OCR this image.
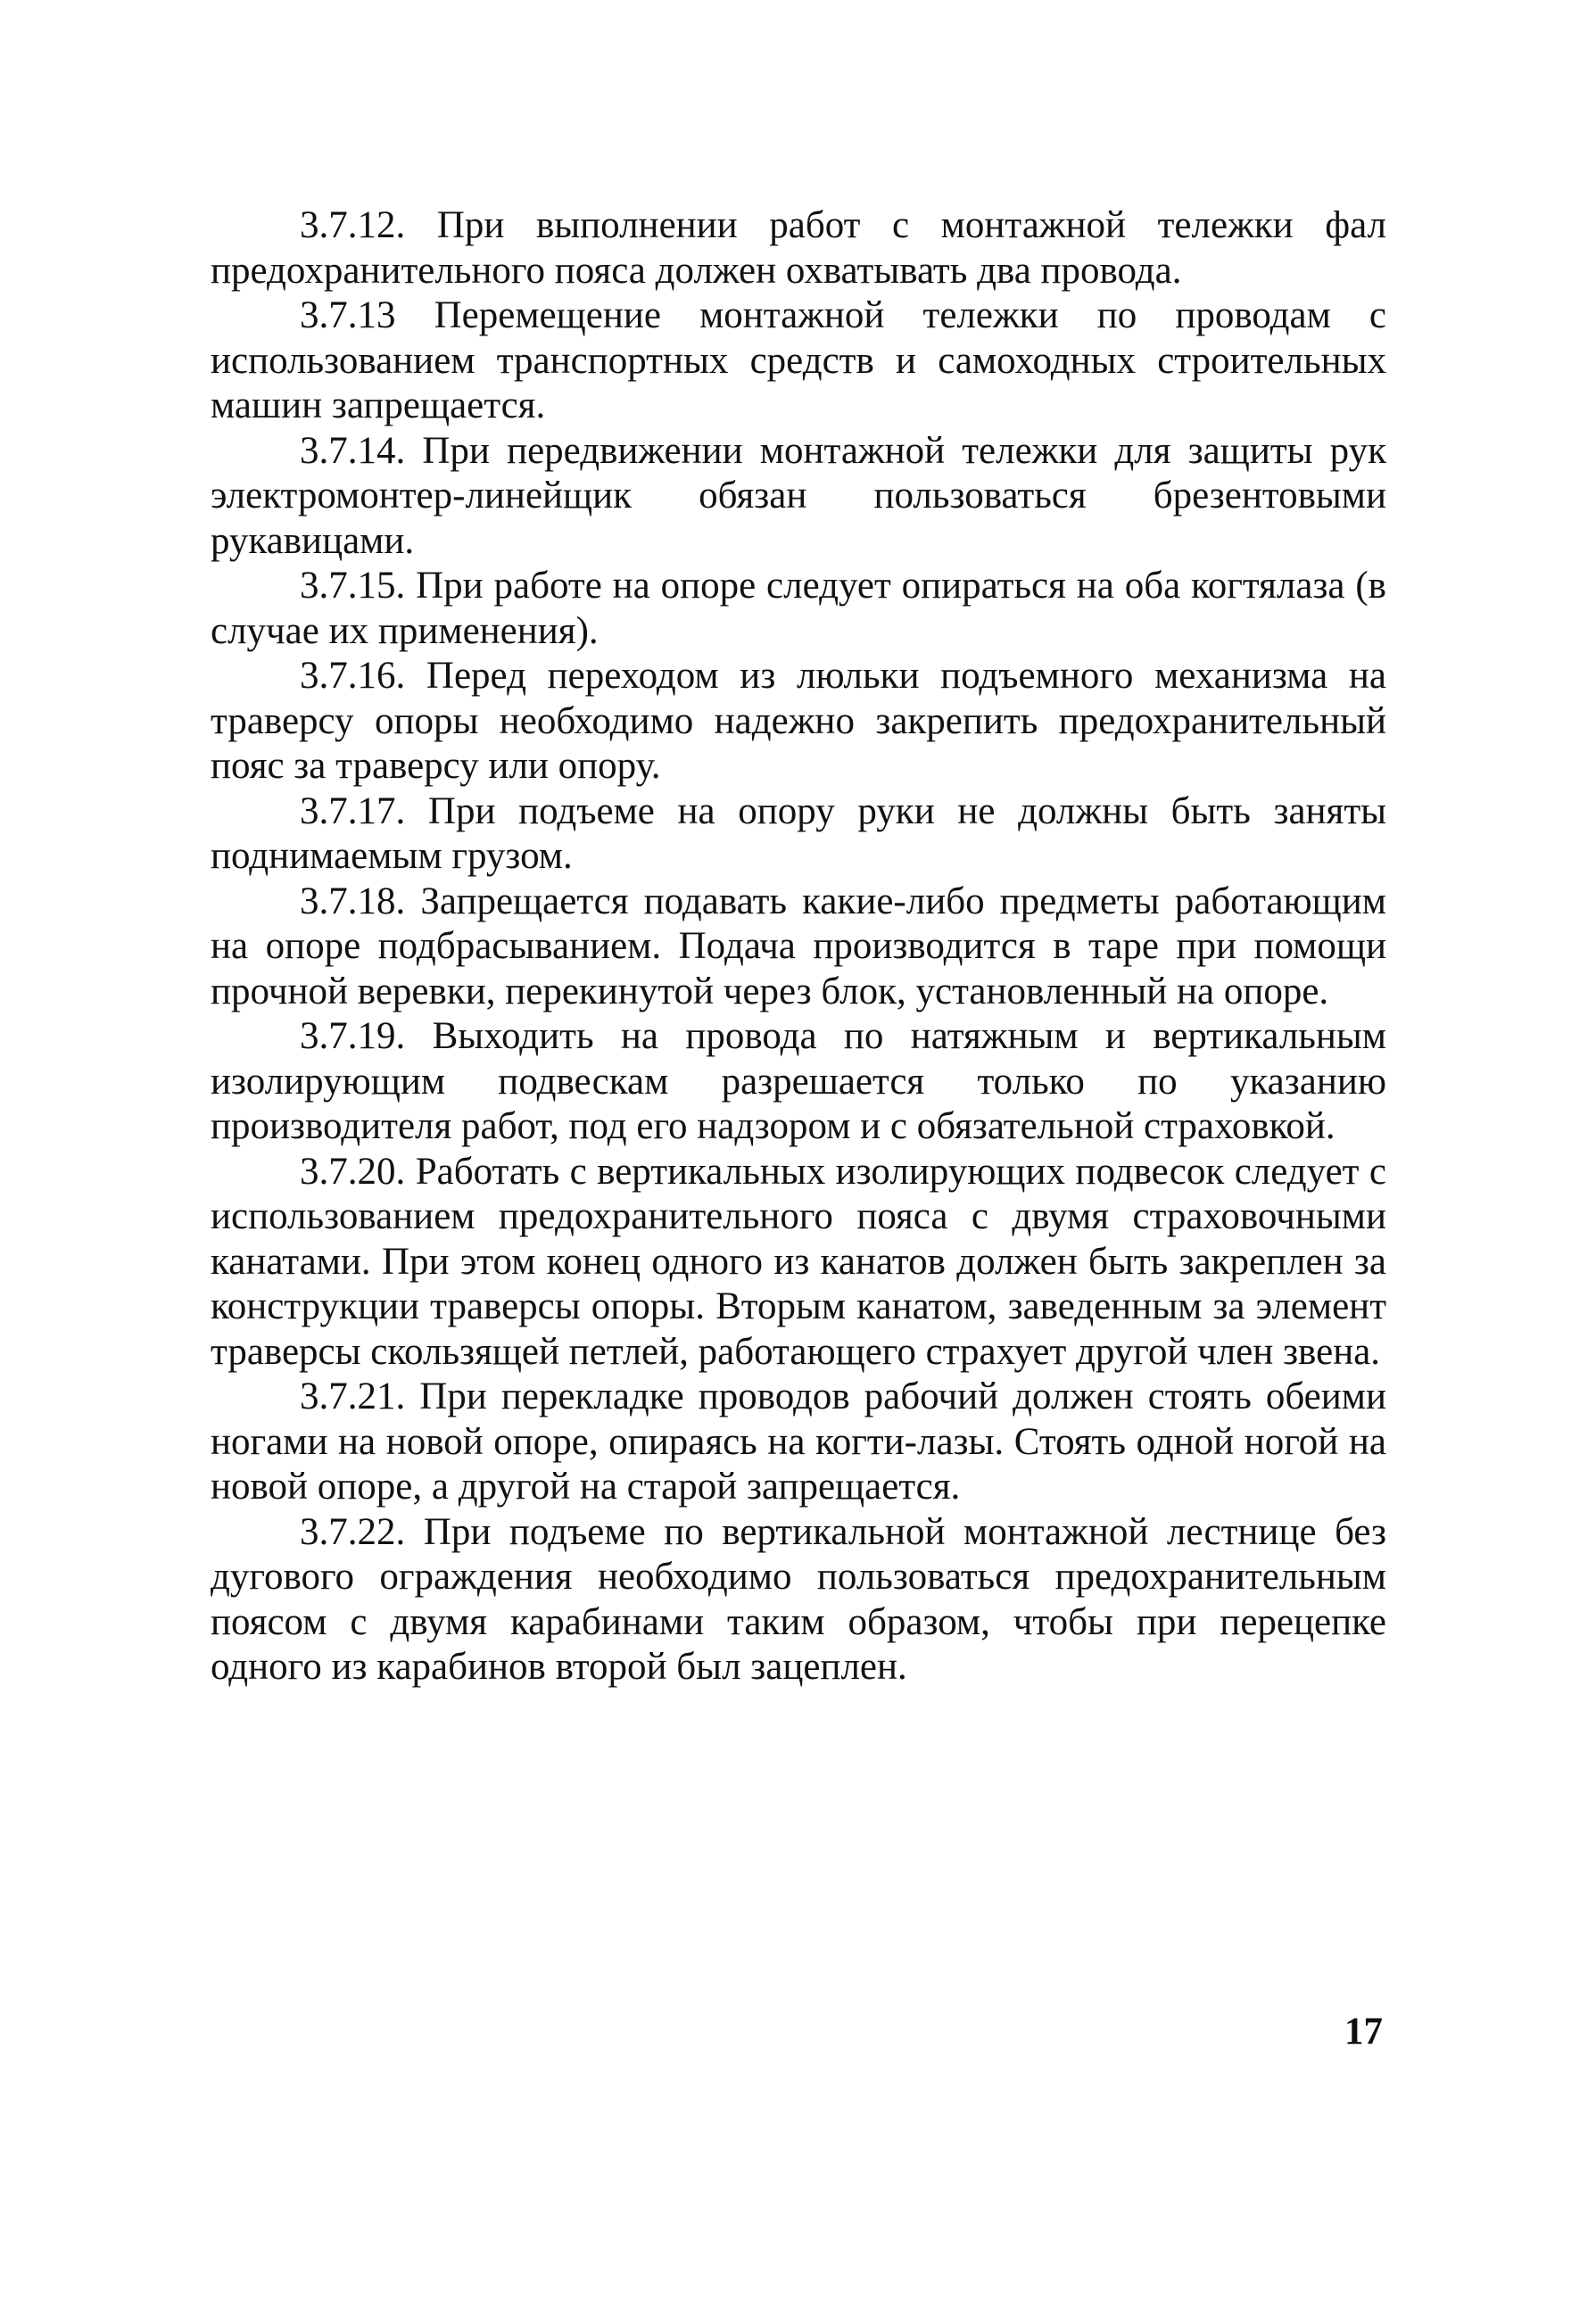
3.7.12. При выполнении работ с монтажной тележки фал предохранительного пояса должен охватывать два провода.

3.7.13 Перемещение монтажной тележки по проводам с использованием транспортных средств и самоходных строительных машин запрещается.

3.7.14. При передвижении монтажной тележки для защиты рук электромонтер-линейщик обязан пользоваться брезентовыми рукавицами.

3.7.15. При работе на опоре следует опираться на оба когтялаза (в случае их применения).

3.7.16. Перед переходом из люльки подъемного механизма на траверсу опоры необходимо надежно закрепить предохранительный пояс за траверсу или опору.

3.7.17. При подъеме на опору руки не должны быть заняты поднимаемым грузом.

3.7.18. Запрещается подавать какие-либо предметы работающим на опоре подбрасыванием. Подача производится в таре при помощи прочной веревки, перекинутой через блок, установленный на опоре.

3.7.19. Выходить на провода по натяжным и вертикальным изолирующим подвескам разрешается только по указанию производителя работ, под его надзором и с обязательной страховкой.

3.7.20. Работать с вертикальных изолирующих подвесок следует с использованием предохранительного пояса с двумя страховочными канатами. При этом конец одного из канатов должен быть закреплен за конструкции траверсы опоры. Вторым канатом, заведенным за элемент траверсы скользящей петлей, работающего страхует другой член звена.

3.7.21. При перекладке проводов рабочий должен стоять обеими ногами на новой опоре, опираясь на когти-лазы. Стоять одной ногой на новой опоре, а другой на старой запрещается.

3.7.22. При подъеме по вертикальной монтажной лестнице без дугового ограждения необходимо пользоваться предохранительным поясом с двумя карабинами таким образом, чтобы при перецепке одного из карабинов второй был зацеплен.

17
